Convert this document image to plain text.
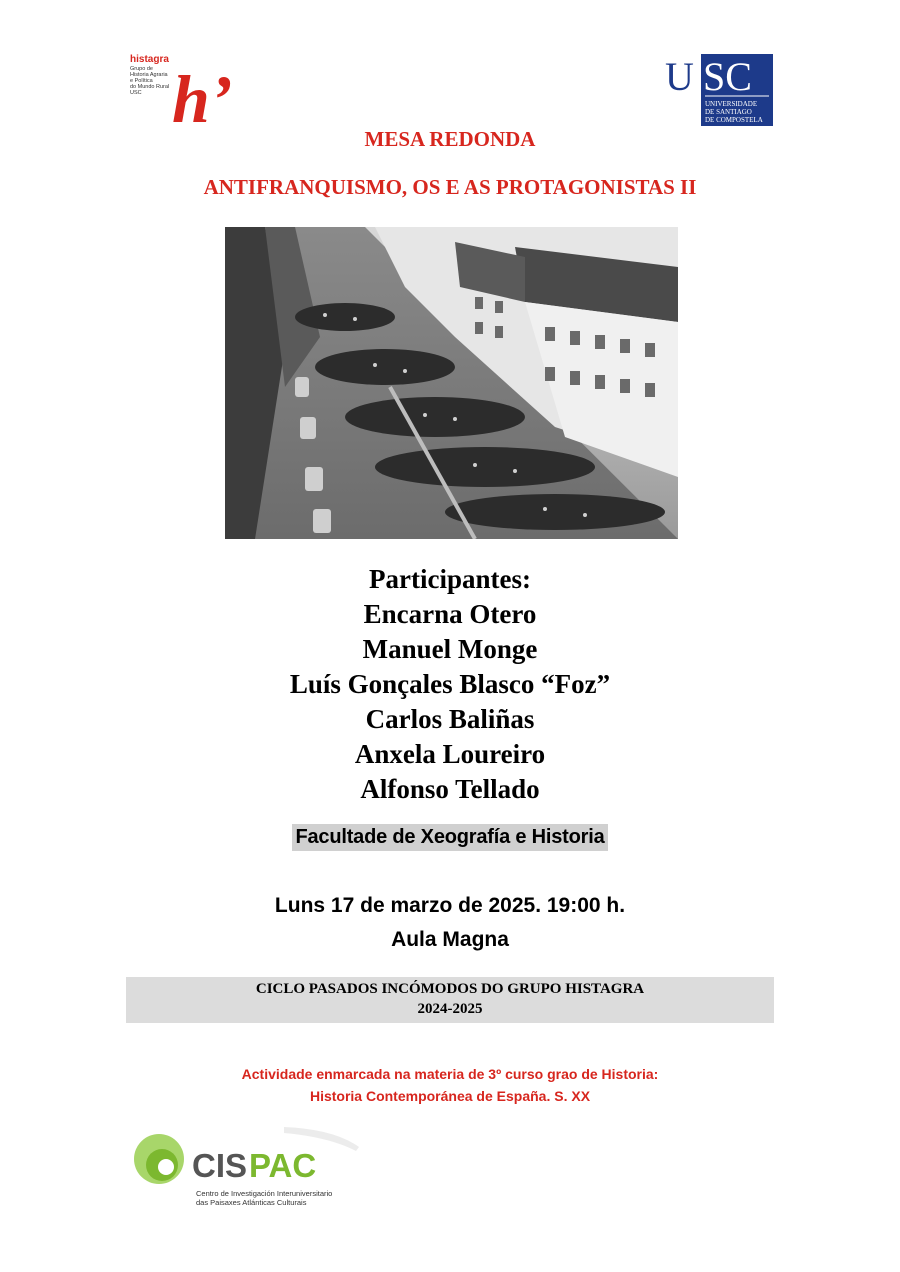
histagra
Grupo de
Historia Agraria
e Política
do Mundo Rural
USC h’	U SC
UNIVERSIDADE
DE SANTIAGO
DE COMPOSTELA
MESA REDONDA
ANTIFRANQUISMO, OS E AS PROTAGONISTAS II
Participantes:
Encarna Otero
Manuel Monge
Luís Gonçales Blasco “Foz”
Carlos Baliñas
Anxela Loureiro
Alfonso Tellado
Facultade de Xeografía e Historia
Luns 17 de marzo de 2025. 19:00 h.
Aula Magna
CICLO PASADOS INCÓMODOS DO GRUPO HISTAGRA
2024-2025
Actividade enmarcada na materia de 3º curso grao de Historia:
Historia Contemporánea de España. S. XX
CIS PAC
Centro de Investigación Interuniversitario
das Paisaxes Atlánticas Culturais
